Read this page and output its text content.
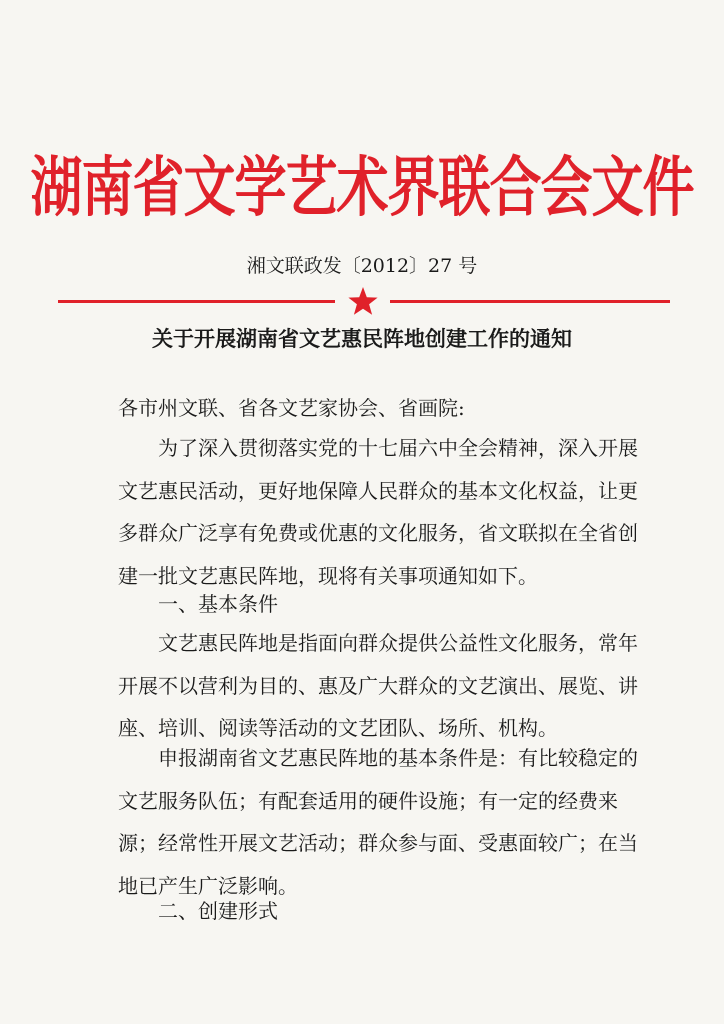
湖南省文学艺术界联合会文件
湘文联政发〔2012〕27 号
关于开展湖南省文艺惠民阵地创建工作的通知
各市州文联、省各文艺家协会、省画院:
为了深入贯彻落实党的十七届六中全会精神，深入开展文艺惠民活动，更好地保障人民群众的基本文化权益，让更多群众广泛享有免费或优惠的文化服务，省文联拟在全省创建一批文艺惠民阵地，现将有关事项通知如下。
一、基本条件
文艺惠民阵地是指面向群众提供公益性文化服务，常年开展不以营利为目的、惠及广大群众的文艺演出、展览、讲座、培训、阅读等活动的文艺团队、场所、机构。
申报湖南省文艺惠民阵地的基本条件是：有比较稳定的文艺服务队伍；有配套适用的硬件设施；有一定的经费来源；经常性开展文艺活动；群众参与面、受惠面较广；在当地已产生广泛影响。
二、创建形式
